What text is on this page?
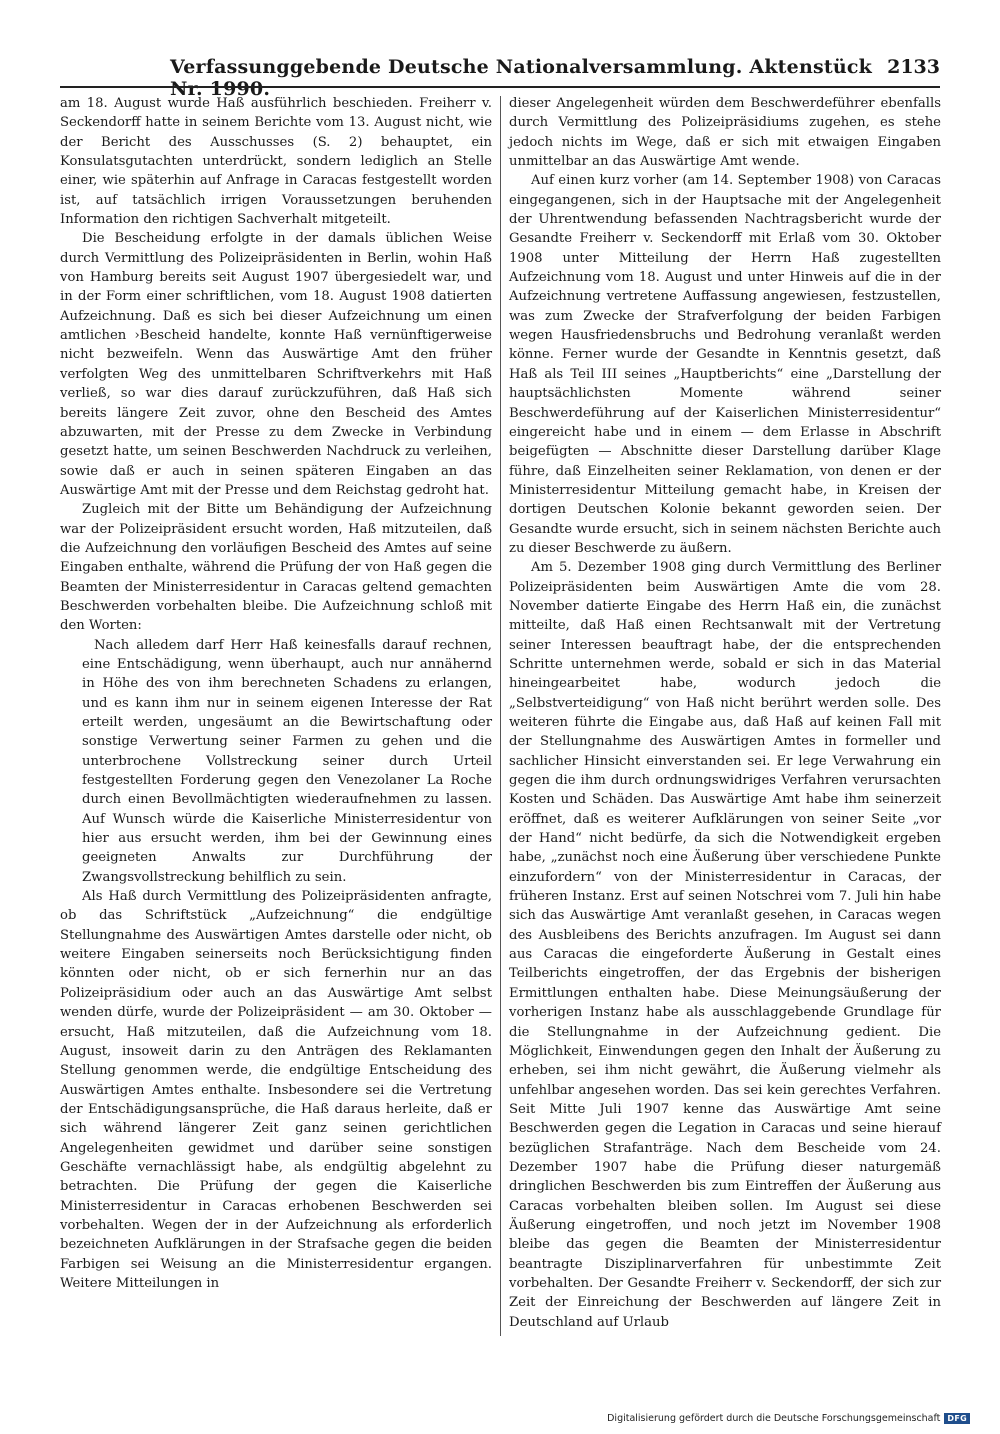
Verfassunggebende Deutsche Nationalversammlung. Aktenstück Nr. 1990.
2133

am 18. August wurde Haß ausführlich beschieden. Freiherr v. Seckendorff hatte in seinem Berichte vom 13. August nicht, wie der Bericht des Ausschusses (S. 2) behauptet, ein Konsulatsgutachten unterdrückt, sondern lediglich an Stelle einer, wie späterhin auf Anfrage in Caracas festgestellt worden ist, auf tatsächlich irrigen Voraussetzungen beruhenden Information den richtigen Sachverhalt mitgeteilt.

Die Bescheidung erfolgte in der damals üblichen Weise durch Vermittlung des Polizeipräsidenten in Berlin, wohin Haß von Hamburg bereits seit August 1907 übergesiedelt war, und in der Form einer schriftlichen, vom 18. August 1908 datierten Aufzeichnung. Daß es sich bei dieser Aufzeichnung um einen amtlichen ›Bescheid handelte, konnte Haß vernünftigerweise nicht bezweifeln. Wenn das Auswärtige Amt den früher verfolgten Weg des unmittelbaren Schriftverkehrs mit Haß verließ, so war dies darauf zurückzuführen, daß Haß sich bereits längere Zeit zuvor, ohne den Bescheid des Amtes abzuwarten, mit der Presse zu dem Zwecke in Verbindung gesetzt hatte, um seinen Beschwerden Nachdruck zu verleihen, sowie daß er auch in seinen späteren Eingaben an das Auswärtige Amt mit der Presse und dem Reichstag gedroht hat.

Zugleich mit der Bitte um Behändigung der Aufzeichnung war der Polizeipräsident ersucht worden, Haß mitzuteilen, daß die Aufzeichnung den vorläufigen Bescheid des Amtes auf seine Eingaben enthalte, während die Prüfung der von Haß gegen die Beamten der Ministerresidentur in Caracas geltend gemachten Beschwerden vorbehalten bleibe. Die Aufzeichnung schloß mit den Worten:

Nach alledem darf Herr Haß keinesfalls darauf rechnen, eine Entschädigung, wenn überhaupt, auch nur annähernd in Höhe des von ihm berechneten Schadens zu erlangen, und es kann ihm nur in seinem eigenen Interesse der Rat erteilt werden, ungesäumt an die Bewirtschaftung oder sonstige Verwertung seiner Farmen zu gehen und die unterbrochene Vollstreckung seiner durch Urteil festgestellten Forderung gegen den Venezolaner La Roche durch einen Bevollmächtigten wiederaufnehmen zu lassen. Auf Wunsch würde die Kaiserliche Ministerresidentur von hier aus ersucht werden, ihm bei der Gewinnung eines geeigneten Anwalts zur Durchführung der Zwangsvollstreckung behilflich zu sein.

Als Haß durch Vermittlung des Polizeipräsidenten anfragte, ob das Schriftstück „Aufzeichnung“ die endgültige Stellungnahme des Auswärtigen Amtes darstelle oder nicht, ob weitere Eingaben seinerseits noch Berücksichtigung finden könnten oder nicht, ob er sich fernerhin nur an das Polizeipräsidium oder auch an das Auswärtige Amt selbst wenden dürfe, wurde der Polizeipräsident — am 30. Oktober — ersucht, Haß mitzuteilen, daß die Aufzeichnung vom 18. August, insoweit darin zu den Anträgen des Reklamanten Stellung genommen werde, die endgültige Entscheidung des Auswärtigen Amtes enthalte. Insbesondere sei die Vertretung der Entschädigungsansprüche, die Haß daraus herleite, daß er sich während längerer Zeit ganz seinen gerichtlichen Angelegenheiten gewidmet und darüber seine sonstigen Geschäfte vernachlässigt habe, als endgültig abgelehnt zu betrachten. Die Prüfung der gegen die Kaiserliche Ministerresidentur in Caracas erhobenen Beschwerden sei vorbehalten. Wegen der in der Aufzeichnung als erforderlich bezeichneten Aufklärungen in der Strafsache gegen die beiden Farbigen sei Weisung an die Ministerresidentur ergangen. Weitere Mitteilungen in

dieser Angelegenheit würden dem Beschwerdeführer ebenfalls durch Vermittlung des Polizeipräsidiums zugehen, es stehe jedoch nichts im Wege, daß er sich mit etwaigen Eingaben unmittelbar an das Auswärtige Amt wende.

Auf einen kurz vorher (am 14. September 1908) von Caracas eingegangenen, sich in der Hauptsache mit der Angelegenheit der Uhrentwendung befassenden Nachtragsbericht wurde der Gesandte Freiherr v. Seckendorff mit Erlaß vom 30. Oktober 1908 unter Mitteilung der Herrn Haß zugestellten Aufzeichnung vom 18. August und unter Hinweis auf die in der Aufzeichnung vertretene Auffassung angewiesen, festzustellen, was zum Zwecke der Strafverfolgung der beiden Farbigen wegen Hausfriedensbruchs und Bedrohung veranlaßt werden könne. Ferner wurde der Gesandte in Kenntnis gesetzt, daß Haß als Teil III seines „Hauptberichts“ eine „Darstellung der hauptsächlichsten Momente während seiner Beschwerdeführung auf der Kaiserlichen Ministerresidentur“ eingereicht habe und in einem — dem Erlasse in Abschrift beigefügten — Abschnitte dieser Darstellung darüber Klage führe, daß Einzelheiten seiner Reklamation, von denen er der Ministerresidentur Mitteilung gemacht habe, in Kreisen der dortigen Deutschen Kolonie bekannt geworden seien. Der Gesandte wurde ersucht, sich in seinem nächsten Berichte auch zu dieser Beschwerde zu äußern.

Am 5. Dezember 1908 ging durch Vermittlung des Berliner Polizeipräsidenten beim Auswärtigen Amte die vom 28. November datierte Eingabe des Herrn Haß ein, die zunächst mitteilte, daß Haß einen Rechtsanwalt mit der Vertretung seiner Interessen beauftragt habe, der die entsprechenden Schritte unternehmen werde, sobald er sich in das Material hineingearbeitet habe, wodurch jedoch die „Selbstverteidigung“ von Haß nicht berührt werden solle. Des weiteren führte die Eingabe aus, daß Haß auf keinen Fall mit der Stellungnahme des Auswärtigen Amtes in formeller und sachlicher Hinsicht einverstanden sei. Er lege Verwahrung ein gegen die ihm durch ordnungswidriges Verfahren verursachten Kosten und Schäden. Das Auswärtige Amt habe ihm seinerzeit eröffnet, daß es weiterer Aufklärungen von seiner Seite „vor der Hand“ nicht bedürfe, da sich die Notwendigkeit ergeben habe, „zunächst noch eine Äußerung über verschiedene Punkte einzufordern“ von der Ministerresidentur in Caracas, der früheren Instanz. Erst auf seinen Notschrei vom 7. Juli hin habe sich das Auswärtige Amt veranlaßt gesehen, in Caracas wegen des Ausbleibens des Berichts anzufragen. Im August sei dann aus Caracas die eingeforderte Äußerung in Gestalt eines Teilberichts eingetroffen, der das Ergebnis der bisherigen Ermittlungen enthalten habe. Diese Meinungsäußerung der vorherigen Instanz habe als ausschlaggebende Grundlage für die Stellungnahme in der Aufzeichnung gedient. Die Möglichkeit, Einwendungen gegen den Inhalt der Äußerung zu erheben, sei ihm nicht gewährt, die Äußerung vielmehr als unfehlbar angesehen worden. Das sei kein gerechtes Verfahren. Seit Mitte Juli 1907 kenne das Auswärtige Amt seine Beschwerden gegen die Legation in Caracas und seine hierauf bezüglichen Strafanträge. Nach dem Bescheide vom 24. Dezember 1907 habe die Prüfung dieser naturgemäß dringlichen Beschwerden bis zum Eintreffen der Äußerung aus Caracas vorbehalten bleiben sollen. Im August sei diese Äußerung eingetroffen, und noch jetzt im November 1908 bleibe das gegen die Beamten der Ministerresidentur beantragte Disziplinarverfahren für unbestimmte Zeit vorbehalten. Der Gesandte Freiherr v. Seckendorff, der sich zur Zeit der Einreichung der Beschwerden auf längere Zeit in Deutschland auf Urlaub

Digitalisierung gefördert durch die Deutsche Forschungsgemeinschaft DFG
